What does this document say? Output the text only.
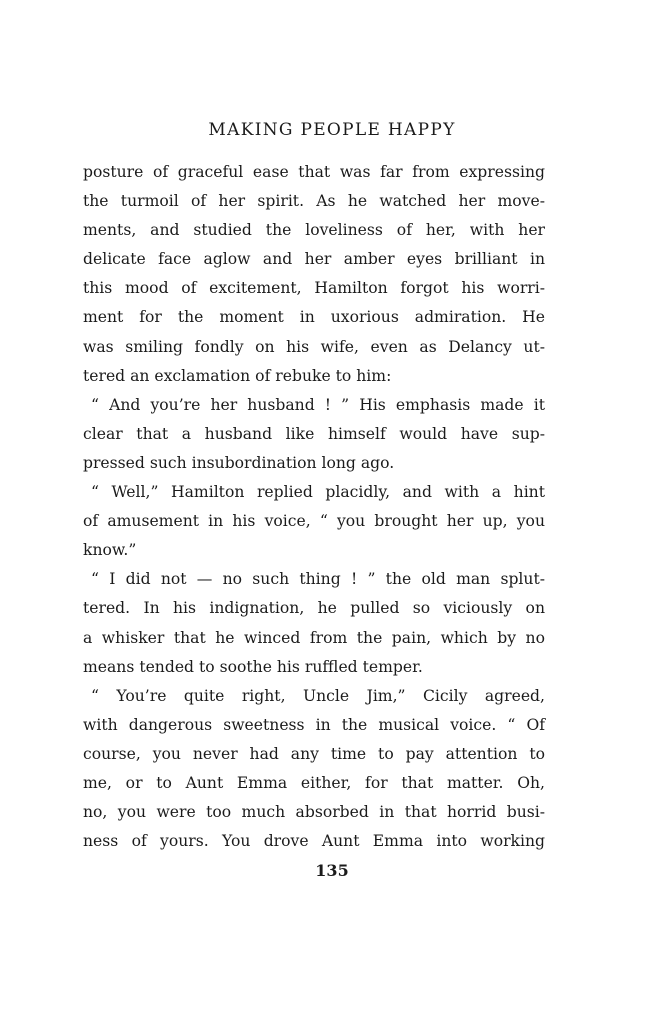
MAKING PEOPLE HAPPY
posture of graceful ease that was far from expressing
the turmoil of her spirit. As he watched her move-
ments, and studied the loveliness of her, with her
delicate face aglow and her amber eyes brilliant in
this mood of excitement, Hamilton forgot his worri-
ment for the moment in uxorious admiration. He
was smiling fondly on his wife, even as Delancy ut-
tered an exclamation of rebuke to him:
“ And you’re her husband ! ” His emphasis made it
clear that a husband like himself would have sup-
pressed such insubordination long ago.
“ Well,” Hamilton replied placidly, and with a hint
of amusement in his voice, “ you brought her up, you
know.”
“ I did not — no such thing ! ” the old man splut-
tered. In his indignation, he pulled so viciously on
a whisker that he winced from the pain, which by no
means tended to soothe his ruffled temper.
“ You’re quite right, Uncle Jim,” Cicily agreed,
with dangerous sweetness in the musical voice. “ Of
course, you never had any time to pay attention to
me, or to Aunt Emma either, for that matter. Oh,
no, you were too much absorbed in that horrid busi-
ness of yours. You drove Aunt Emma into working
135
